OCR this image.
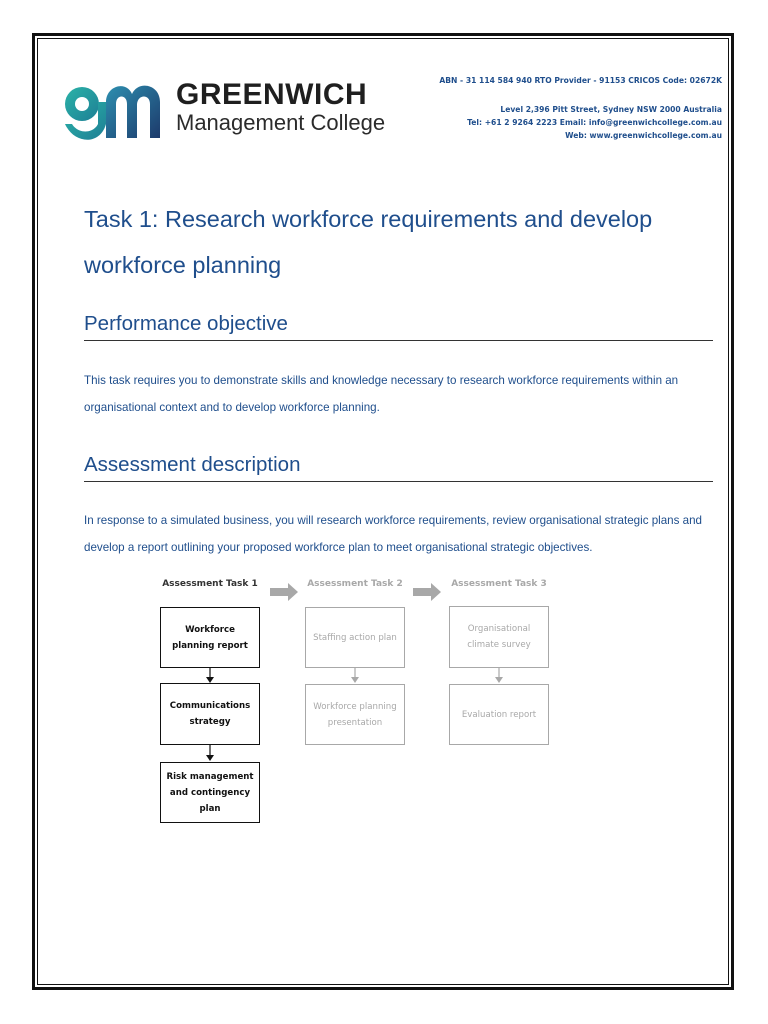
GREENWICH
Management College
ABN - 31 114 584 940 RTO Provider - 91153 CRICOS Code: 02672K
Level 2,396 Pitt Street, Sydney NSW 2000 Australia
Tel: +61 2 9264 2223 Email: info@greenwichcollege.com.au
Web: www.greenwichcollege.com.au
Task 1: Research workforce requirements and develop workforce planning
Performance objective

This task requires you to demonstrate skills and knowledge necessary to research workforce requirements within an organisational context and to develop workforce planning.

Assessment description

In response to a simulated business, you will research workforce requirements, review organisational strategic plans and develop a report outlining your proposed workforce plan to meet organisational strategic objectives.

Assessment Task 1	Assessment Task 2	Assessment Task 3
Workforce planning report
Communications strategy
Risk management and contingency plan
Staffing action plan
Workforce planning presentation
Organisational climate survey
Evaluation report
